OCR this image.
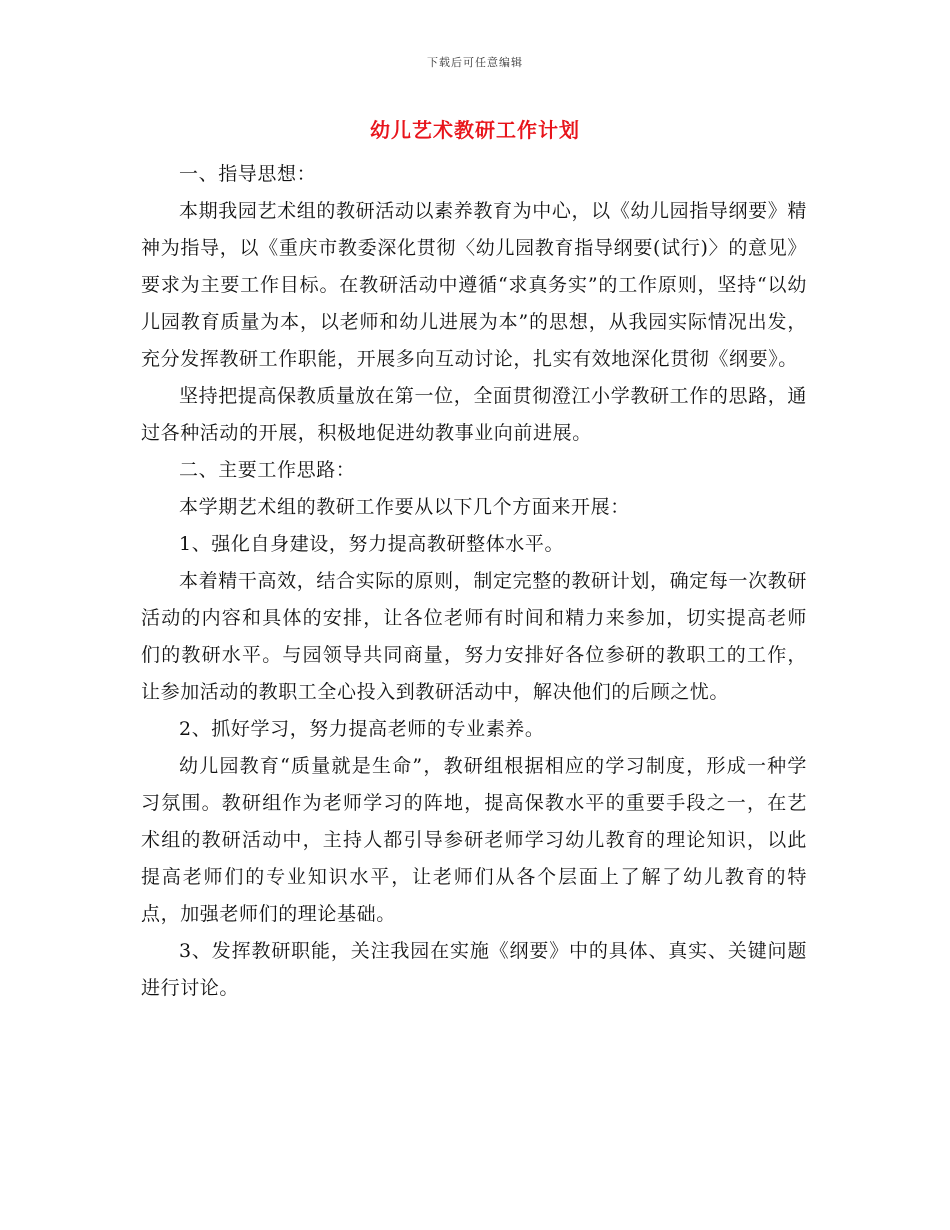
下载后可任意编辑
幼儿艺术教研工作计划

一、指导思想：

本期我园艺术组的教研活动以素养教育为中心，以《幼儿园指导纲要》精神为指导，以《重庆市教委深化贯彻〈幼儿园教育指导纲要(试行)〉的意见》要求为主要工作目标。在教研活动中遵循“求真务实”的工作原则，坚持“以幼儿园教育质量为本，以老师和幼儿进展为本”的思想，从我园实际情况出发，充分发挥教研工作职能，开展多向互动讨论，扎实有效地深化贯彻《纲要》。

坚持把提高保教质量放在第一位，全面贯彻澄江小学教研工作的思路，通过各种活动的开展，积极地促进幼教事业向前进展。

二、主要工作思路：

本学期艺术组的教研工作要从以下几个方面来开展：

1、强化自身建设，努力提高教研整体水平。

本着精干高效，结合实际的原则，制定完整的教研计划，确定每一次教研活动的内容和具体的安排，让各位老师有时间和精力来参加，切实提高老师们的教研水平。与园领导共同商量，努力安排好各位参研的教职工的工作，让参加活动的教职工全心投入到教研活动中，解决他们的后顾之忧。

2、抓好学习，努力提高老师的专业素养。

幼儿园教育“质量就是生命”，教研组根据相应的学习制度，形成一种学习氛围。教研组作为老师学习的阵地，提高保教水平的重要手段之一，在艺术组的教研活动中，主持人都引导参研老师学习幼儿教育的理论知识，以此提高老师们的专业知识水平，让老师们从各个层面上了解了幼儿教育的特点，加强老师们的理论基础。

3、发挥教研职能，关注我园在实施《纲要》中的具体、真实、关键问题进行讨论。
